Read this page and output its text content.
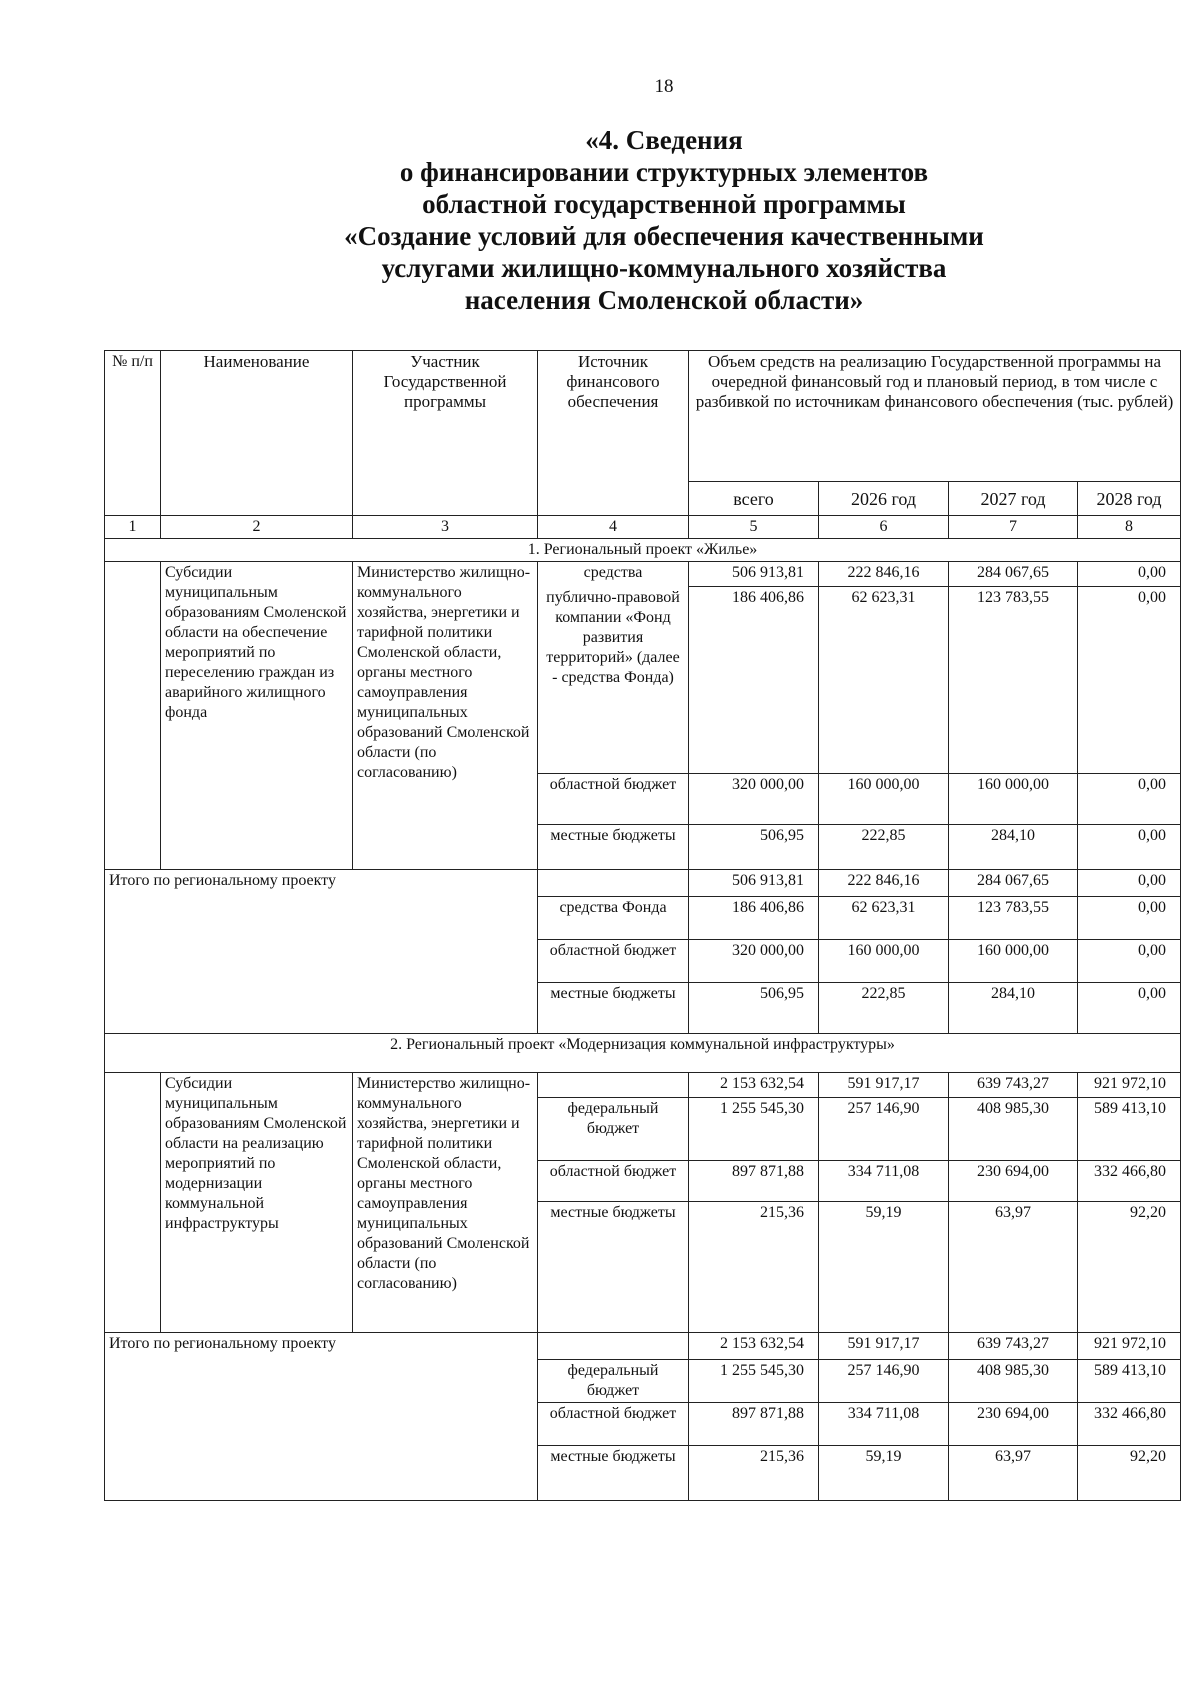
18
«4. Сведения
о финансировании структурных элементов
областной государственной программы
«Создание условий для обеспечения качественными
услугами жилищно-коммунального хозяйства
населения Смоленской области»
№ п/п	Наименование	Участник Государственной программы	Источник финансового обеспечения	Объем средств на реализацию Государственной программы на очередной финансовый год и плановый период, в том числе с разбивкой по источникам финансового обеспечения (тыс. рублей)			
				всего	2026 год	2027 год	2028 год
1	2	3	4	5	6	7	8
1. Региональный проект «Жилье»							
	Субсидии муниципальным образованиям Смоленской области на обеспечение мероприятий по переселению граждан из аварийного жилищного фонда	Министерство жилищно-коммунального хозяйства, энергетики и тарифной политики Смоленской области, органы местного самоуправления муниципальных образований Смоленской области (по согласованию)	средства	506 913,81	222 846,16	284 067,65	0,00
			публично-правовой компании «Фонд развития территорий» (далее - средства Фонда)	186 406,86	62 623,31	123 783,55	0,00
			областной бюджет	320 000,00	160 000,00	160 000,00	0,00
			местные бюджеты	506,95	222,85	284,10	0,00
Итого по региональному проекту				506 913,81	222 846,16	284 067,65	0,00
			средства Фонда	186 406,86	62 623,31	123 783,55	0,00
			областной бюджет	320 000,00	160 000,00	160 000,00	0,00
			местные бюджеты	506,95	222,85	284,10	0,00
2. Региональный проект «Модернизация коммунальной инфраструктуры»							
	Субсидии муниципальным образованиям Смоленской области на реализацию мероприятий по модернизации коммунальной инфраструктуры	Министерство жилищно-коммунального хозяйства, энергетики и тарифной политики Смоленской области, органы местного самоуправления муниципальных образований Смоленской области (по согласованию)		2 153 632,54	591 917,17	639 743,27	921 972,10
			федеральный бюджет	1 255 545,30	257 146,90	408 985,30	589 413,10
			областной бюджет	897 871,88	334 711,08	230 694,00	332 466,80
			местные бюджеты	215,36	59,19	63,97	92,20
Итого по региональному проекту				2 153 632,54	591 917,17	639 743,27	921 972,10
			федеральный бюджет	1 255 545,30	257 146,90	408 985,30	589 413,10
			областной бюджет	897 871,88	334 711,08	230 694,00	332 466,80
			местные бюджеты	215,36	59,19	63,97	92,20
